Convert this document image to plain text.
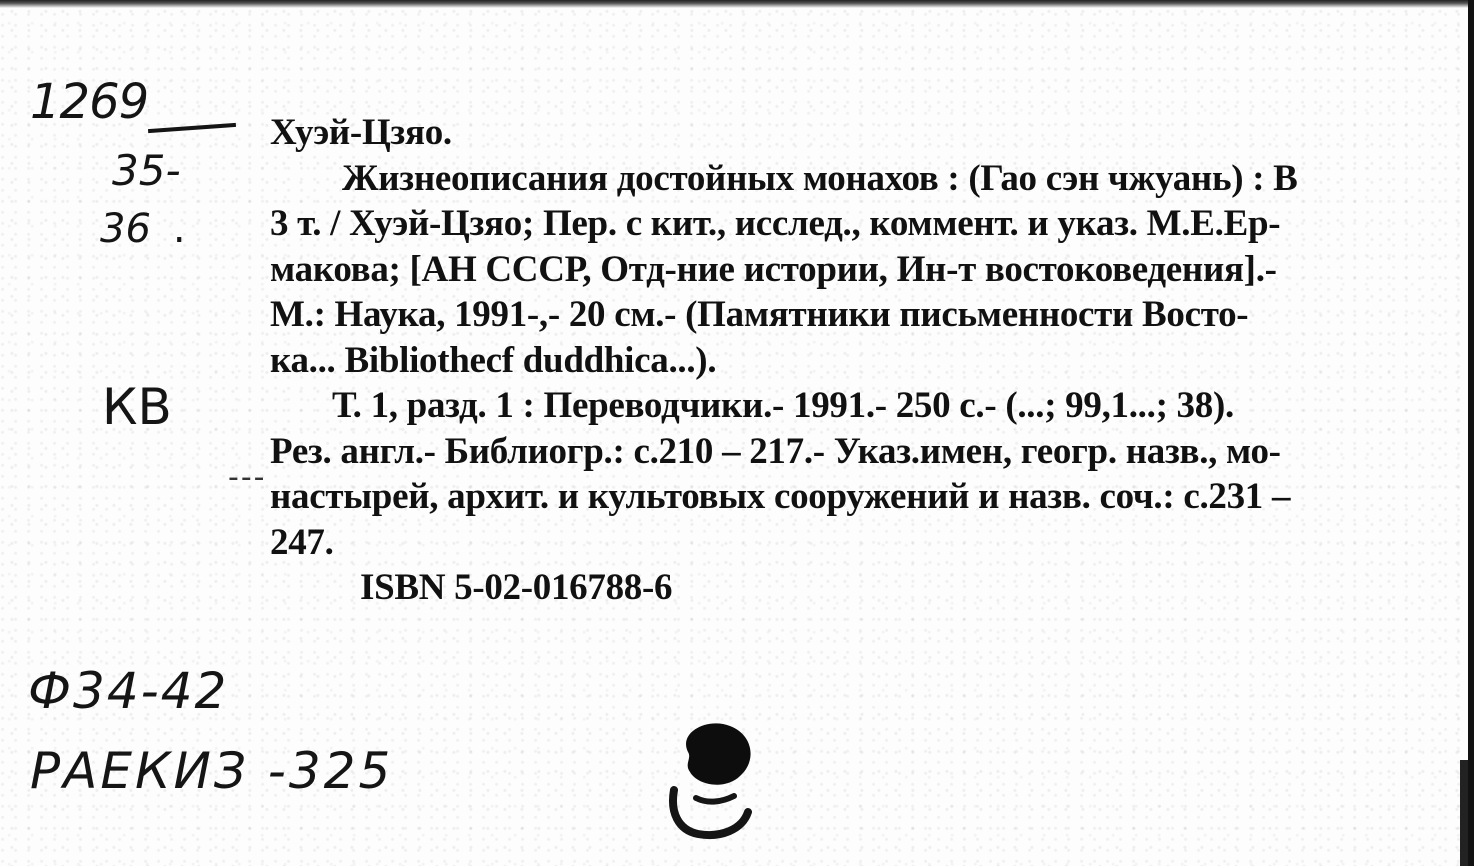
1269
35-
36 .
КВ
‐‐‐
Хуэй-Цзяо.
Жизнеописания достойных монахов : (Гао сэн чжуань) : В
3 т. / Хуэй-Цзяо; Пер. с кит., исслед., коммент. и указ. М.Е.Ер-
макова; [АН СССР, Отд-ние истории, Ин-т востоковедения].-
М.: Наука, 1991-,- 20 см.- (Памятники письменности Восто-
ка... Bibliothecf duddhica...).
Т. 1, разд. 1 : Переводчики.- 1991.- 250 с.- (...; 99,1...; 38).
Рез. англ.- Библиогр.: с.210 – 217.- Указ.имен, геогр. назв., мо-
настырей, архит. и культовых сооружений и назв. соч.: с.231 –
247.
ISBN 5-02-016788-6
Ф34-42
РАЕКИЗ -325
